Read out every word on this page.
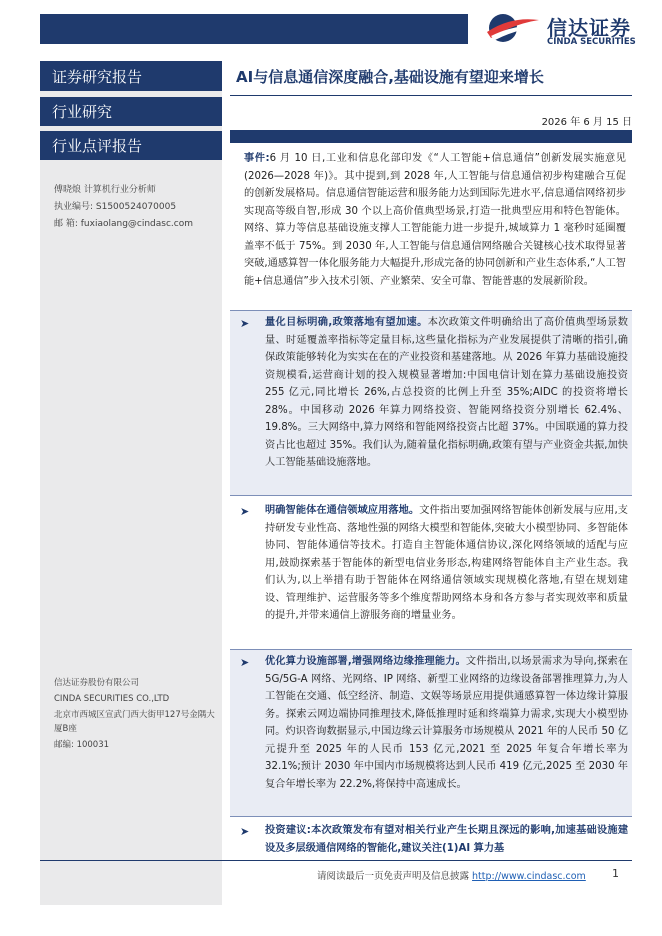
信达证券
CINDA SECURITIES
证券研究报告
行业研究
行业点评报告
傅晓烺 计算机行业分析师
执业编号: S1500524070005
邮 箱: fuxiaolang@cindasc.com
信达证券股份有限公司
CINDA SECURITIES CO.,LTD
北京市西城区宣武门西大街甲127号金隅大厦B座
邮编: 100031
AI与信息通信深度融合,基础设施有望迎来增长
2026 年 6 月 15 日
事件:6 月 10 日,工业和信息化部印发《“人工智能+信息通信”创新发展实施意见(2026—2028 年)》。其中提到,到 2028 年,人工智能与信息通信初步构建融合互促的创新发展格局。信息通信智能运营和服务能力达到国际先进水平,信息通信网络初步实现高等级自智,形成 30 个以上高价值典型场景,打造一批典型应用和特色智能体。网络、算力等信息基础设施支撑人工智能能力进一步提升,城域算力 1 毫秒时延圈覆盖率不低于 75%。到 2030 年,人工智能与信息通信网络融合关键核心技术取得显著突破,通感算智一体化服务能力大幅提升,形成完备的协同创新和产业生态体系,“人工智能+信息通信”步入技术引领、产业繁荣、安全可靠、智能普惠的发展新阶段。
➤ 量化目标明确,政策落地有望加速。本次政策文件明确给出了高价值典型场景数量、时延覆盖率指标等定量目标,这些量化指标为产业发展提供了清晰的指引,确保政策能够转化为实实在在的产业投资和基建落地。从 2026 年算力基础设施投资规模看,运营商计划的投入规模显著增加:中国电信计划在算力基础设施投资 255 亿元,同比增长 26%,占总投资的比例上升至 35%;AIDC 的投资将增长 28%。中国移动 2026 年算力网络投资、智能网络投资分别增长 62.4%、19.8%。三大网络中,算力网络和智能网络投资占比超 37%。中国联通的算力投资占比也超过 35%。我们认为,随着量化指标明确,政策有望与产业资金共振,加快人工智能基础设施落地。
➤ 明确智能体在通信领域应用落地。文件指出要加强网络智能体创新发展与应用,支持研发专业性高、落地性强的网络大模型和智能体,突破大小模型协同、多智能体协同、智能体通信等技术。打造自主智能体通信协议,深化网络领域的适配与应用,鼓励探索基于智能体的新型电信业务形态,构建网络智能体自主产业生态。我们认为,以上举措有助于智能体在网络通信领域实现规模化落地,有望在规划建设、管理维护、运营服务等多个维度帮助网络本身和各方参与者实现效率和质量的提升,并带来通信上游服务商的增量业务。
➤ 优化算力设施部署,增强网络边缘推理能力。文件指出,以场景需求为导向,探索在 5G/5G-A 网络、光网络、IP 网络、新型工业网络的边缘设备部署推理算力,为人工智能在交通、低空经济、制造、文娱等场景应用提供通感算智一体边缘计算服务。探索云网边端协同推理技术,降低推理时延和终端算力需求,实现大小模型协同。灼识咨询数据显示,中国边缘云计算服务市场规模从 2021 年的人民币 50 亿元提升至 2025 年的人民币 153 亿元,2021 至 2025 年复合年增长率为 32.1%;预计 2030 年中国内市场规模将达到人民币 419 亿元,2025 至 2030 年复合年增长率为 22.2%,将保持中高速成长。
➤ 投资建议:本次政策发布有望对相关行业产生长期且深远的影响,加速基础设施建设及多层级通信网络的智能化,建议关注(1)AI 算力基
请阅读最后一页免责声明及信息披露 http://www.cindasc.com 1
